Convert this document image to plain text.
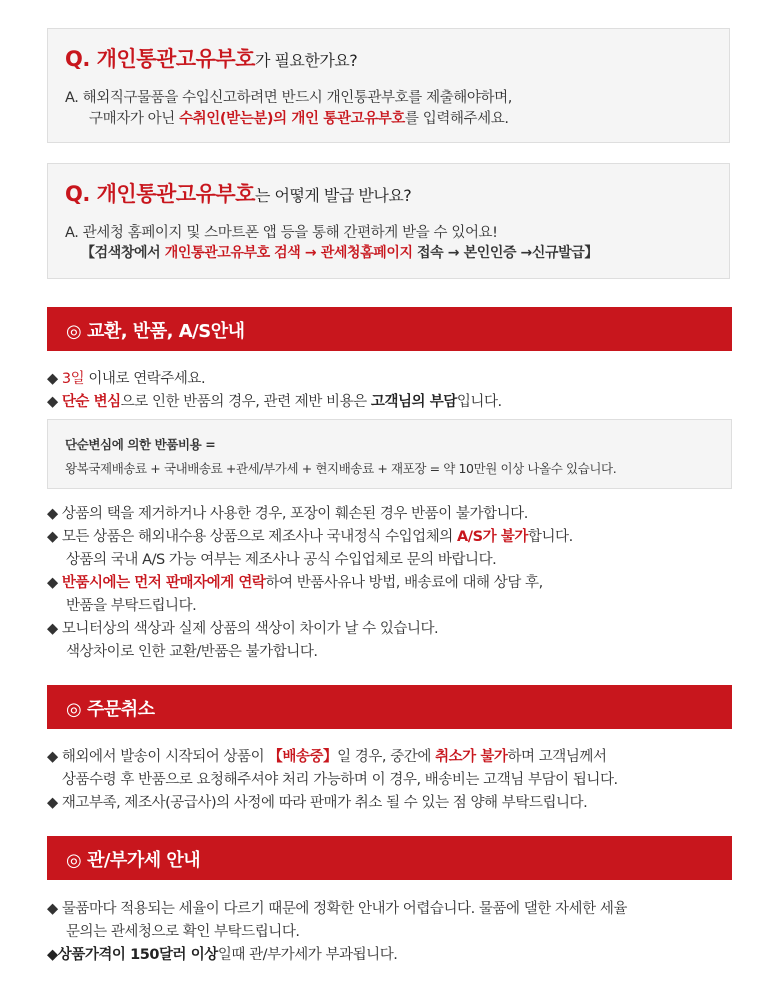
Q. 개인통관고유부호가 필요한가요?
A. 해외직구물품을 수입신고하려면 반드시 개인통관부호를 제출해야하며,
구매자가 아닌 수취인(받는분)의 개인 통관고유부호를 입력해주세요.
Q. 개인통관고유부호는 어떻게 발급 받나요?
A. 관세청 홈페이지 및 스마트폰 앱 등을 통해 간편하게 받을 수 있어요!
【검색창에서 개인통관고유부호 검색 → 관세청홈페이지 접속 → 본인인증 →신규발급】
◎ 교환, 반품, A/S안내
◆ 3일 이내로 연락주세요.
◆ 단순 변심으로 인한 반품의 경우, 관련 제반 비용은 고객님의 부담입니다.
단순변심에 의한 반품비용 =
왕복국제배송료 + 국내배송료 +관세/부가세 + 현지배송료 + 재포장 = 약 10만원 이상 나올수 있습니다.
◆ 상품의 택을 제거하거나 사용한 경우, 포장이 훼손된 경우 반품이 불가합니다.
◆ 모든 상품은 해외내수용 상품으로 제조사나 국내정식 수입업체의 A/S가 불가합니다.
상품의 국내 A/S 가능 여부는 제조사나 공식 수입업체로 문의 바랍니다.
◆ 반품시에는 먼저 판매자에게 연락하여 반품사유나 방법, 배송료에 대해 상담 후,
반품을 부탁드립니다.
◆ 모니터상의 색상과 실제 상품의 색상이 차이가 날 수 있습니다.
색상차이로 인한 교환/반품은 불가합니다.
◎ 주문취소
◆ 해외에서 발송이 시작되어 상품이 【배송중】일 경우, 중간에 취소가 불가하며 고객님께서
상품수령 후 반품으로 요청해주셔야 처리 가능하며 이 경우, 배송비는 고객님 부담이 됩니다.
◆ 재고부족, 제조사(공급사)의 사정에 따라 판매가 취소 될 수 있는 점 양해 부탁드립니다.
◎ 관/부가세 안내
◆ 물품마다 적용되는 세율이 다르기 때문에 정확한 안내가 어렵습니다. 물품에 댈한 자세한 세율
문의는 관세청으로 확인 부탁드립니다.
◆상품가격이 150달러 이상일때 관/부가세가 부과됩니다.
